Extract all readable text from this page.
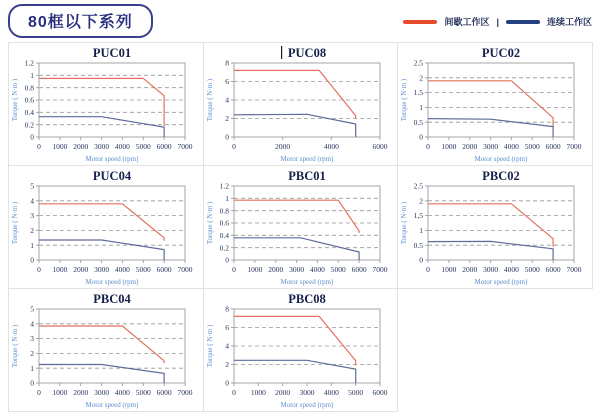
80框以下系列	间歇工作区 |	连续工作区
0
0.2
0.4
0.6
0.8
1
1.2
0 1000 2000 3000 4000 5000 6000 7000
PUC01
Motor speed (rpm)
Torque ( N·m )
0
2
4
6
8
0	2000	4000	6000
PUC08
Motor speed (rpm)
Torque ( N·m )
0
0.5
1
1.5
2
2.5
0 1000 2000 3000 4000 5000 6000 7000
PUC02
Motor speed (rpm)
Torque ( N·m )
0
1
2
3
4
5
0 1000 2000 3000 4000 5000 6000 7000
PUC04
Motor speed (rpm)
Torque ( N·m )
0
0.2
0.4
0.6
0.8
1
1.2
0 1000 2000 3000 4000 5000 6000 7000
PBC01
Motor speed (rpm)
Torque ( N·m )
0
0.5
1
1,5
2
2.5
0 1000 2000 3000 4000 5000 6000 7000
PBC02
Motor speed (rpm)
Torque ( N·m )
0
1
2
3
4
5
0 1000 2000 3000 4000 5000 6000 7000
PBC04
Motor speed (rpm)
Torque ( N·m )
0
2
4
6
8
0 1000 2000 3000 4000 5000 6000
PBC08
Motor speed (rpm)
Torque ( N·m )
